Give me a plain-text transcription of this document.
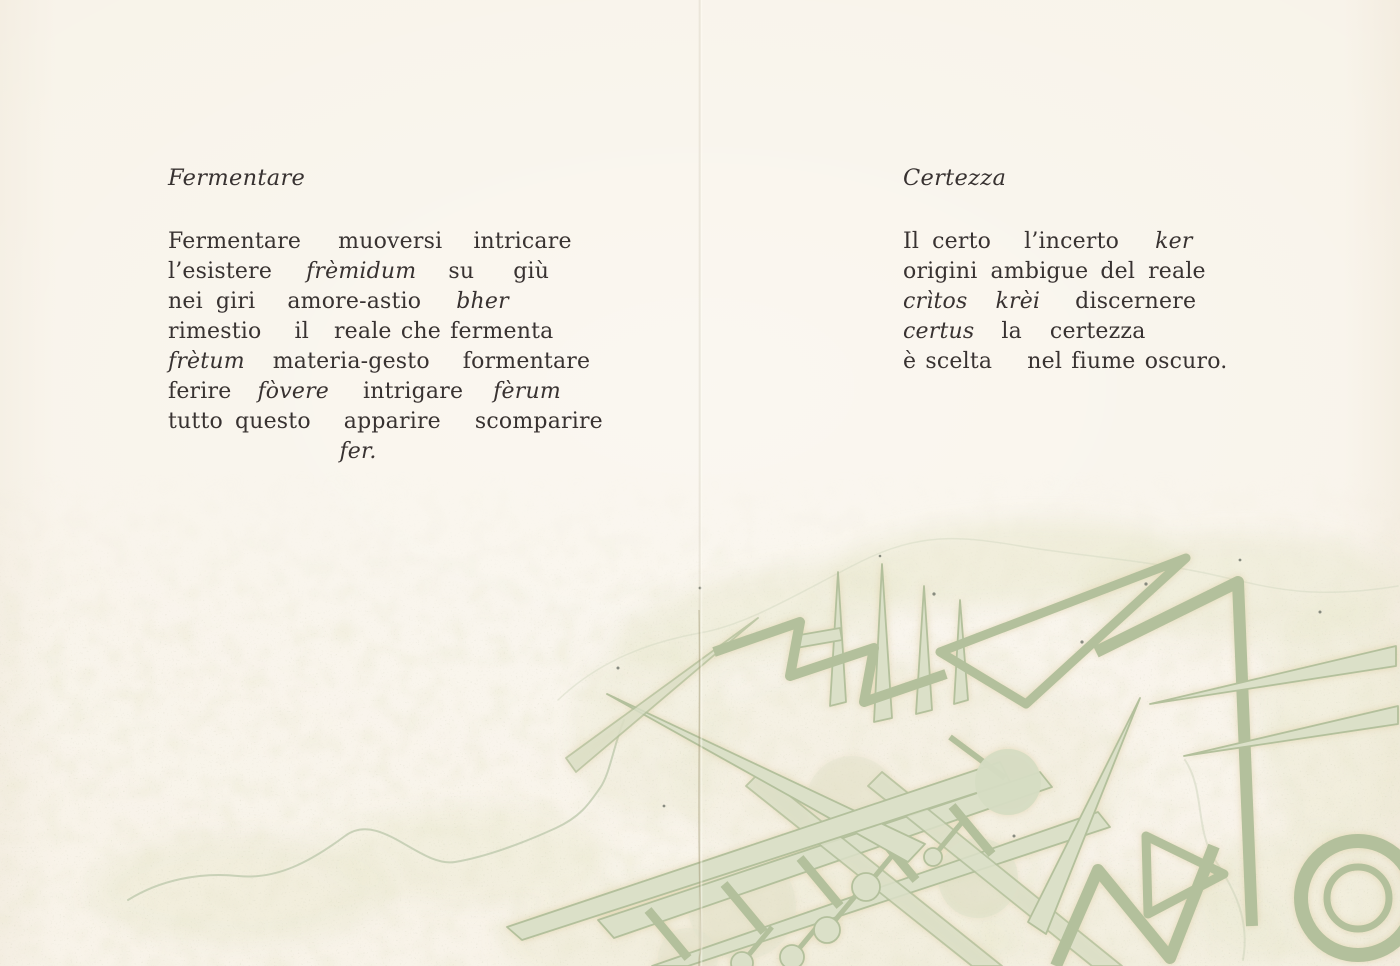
Fermentare
Fermentare muoversi intricare
l’esistere frèmidum su giù
nei giri amore-astio bher
rimestio il reale che fermenta
frètum materia-gesto formentare
ferire fòvere intrigare fèrum
tutto questo apparire scomparire
fer.
Certezza
Il certo l’incerto ker
origini ambigue del reale
crìtos krèi discernere
certus la certezza
è scelta nel fiume oscuro.
